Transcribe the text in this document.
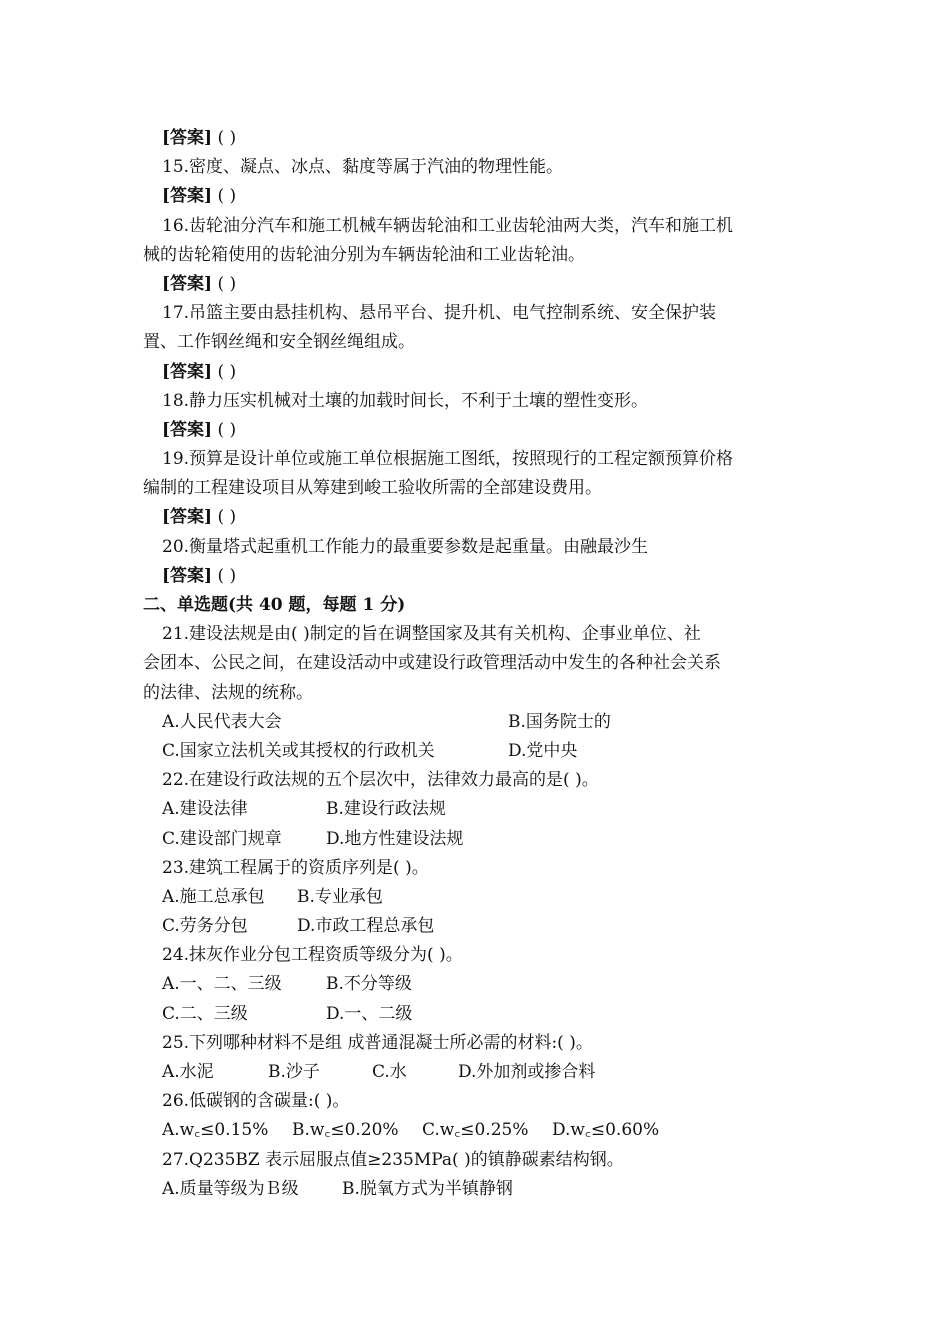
[答案] ( )
15.密度、凝点、冰点、黏度等属于汽油的物理性能。
[答案] ( )
16.齿轮油分汽车和施工机械车辆齿轮油和工业齿轮油两大类，汽车和施工机
械的齿轮箱使用的齿轮油分别为车辆齿轮油和工业齿轮油。
[答案] ( )
17.吊篮主要由悬挂机构、悬吊平台、提升机、电气控制系统、安全保护装
置、工作钢丝绳和安全钢丝绳组成。
[答案] ( )
18.静力压实机械对土壤的加载时间长，不利于土壤的塑性变形。
[答案] ( )
19.预算是设计单位或施工单位根据施工图纸，按照现行的工程定额预算价格
编制的工程建设项目从筹建到峻工验收所需的全部建设费用。
[答案] ( )
20.衡量塔式起重机工作能力的最重要参数是起重量。由融最沙生
[答案] ( )
二、单选题(共 40 题，每题 1 分)
21.建设法规是由( )制定的旨在调整国家及其有关机构、企事业单位、社
会团本、公民之间，在建设活动中或建设行政管理活动中发生的各种社会关系
的法律、法规的统称。
A.人民代表大会	B.国务院士的
C.国家立法机关或其授权的行政机关	D.党中央
22.在建设行政法规的五个层次中，法律效力最高的是( )。
A.建设法律	B.建设行政法规
C.建设部门规章	D.地方性建设法规
23.建筑工程属于的资质序列是( )。
A.施工总承包 B.专业承包
C.劳务分包	D.市政工程总承包
24.抹灰作业分包工程资质等级分为( )。
A.一、二、三级	B.不分等级
C.二、三级	D.一、二级
25.下列哪种材料不是组 成普通混凝士所必需的材料:( )。
A.水泥	B.沙子	C.水	D.外加剂或掺合料
26.低碳钢的含碳量:( )。
A.w꜀≤0.15% B.w꜀≤0.20% C.w꜀≤0.25% D.w꜀≤0.60%
27.Q235BZ 表示屈服点值≥235MPa( )的镇静碳素结构钢。
A.质量等级为Ｂ级	B.脱氧方式为半镇静钢
